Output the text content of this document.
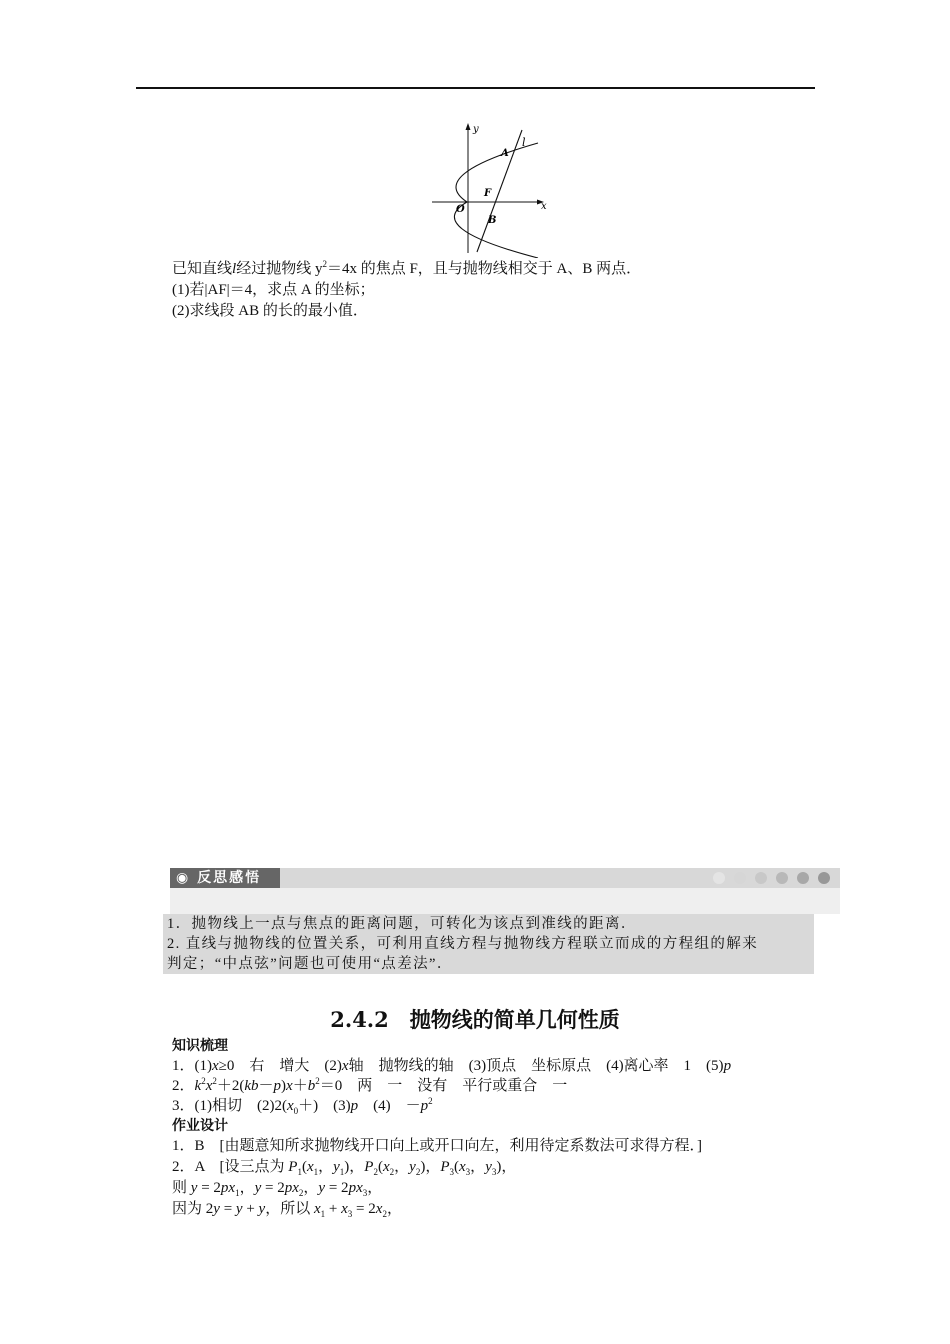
y
x
O
l
A
F
B
已知直线l经过抛物线 $y^2=4x$ 的焦点 F，且与抛物线相交于 A、B 两点．
(1)若|AF|＝4，求点 A 的坐标；
(2)求线段 AB 的长的最小值．
◉ 反思感悟
1．抛物线上一点与焦点的距离问题，可转化为该点到准线的距离．
2. 直线与抛物线的位置关系，可利用直线方程与抛物线方程联立而成的方程组的解来
判定；“中点弦”问题也可使用“点差法”．
2.4.2　抛物线的简单几何性质
知识梳理
1．(1)x≥0　右　增大　(2)x轴　抛物线的轴　(3)顶点　坐标原点　(4)离心率　1　(5)p
2．$k^2x^2+2(kb-p)x+b^2=0$　两　一　没有　平行或重合　一
3．(1)相切　$(2)2(x_0+)$　(3)p　(4)　$-p^2$
作业设计
1．B　[由题意知所求抛物线开口向上或开口向左，利用待定系数法可求得方程．]
2．A　[设三点为 $P_1(x_1$，$y_1$)，$P_2(x_2$，$y_2$)，$P_3(x_3$，$y_3$)，
则 $y = 2px_1$，$y = 2px_2$，$y = 2px_3$，
因为 2y = y + y，所以 $x_1 + x_3 = 2x_2$，
